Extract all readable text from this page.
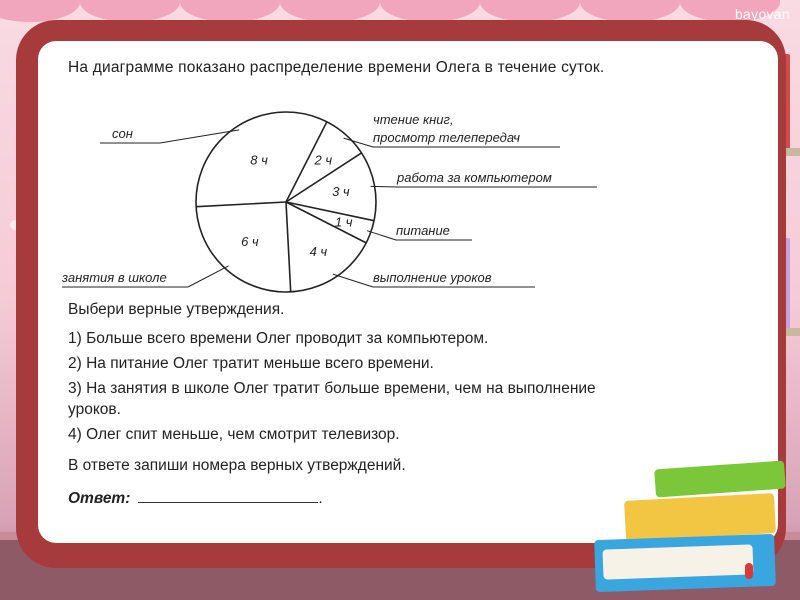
bayovan
На диаграмме показано распределение времени Олега в течение суток.
2 ч
3 ч
1 ч
4 ч
6 ч
8 ч
чтение книг,
просмотр телепередач
работа за компьютером
питание
выполнение уроков
занятия в школе
сон
Выбери верные утверждения.
1) Больше всего времени Олег проводит за компьютером.
2) На питание Олег тратит меньше всего времени.
3) На занятия в школе Олег тратит больше времени, чем на выполнение уроков.
4) Олег спит меньше, чем смотрит телевизор.
В ответе запиши номера верных утверждений.
Ответ:	.
